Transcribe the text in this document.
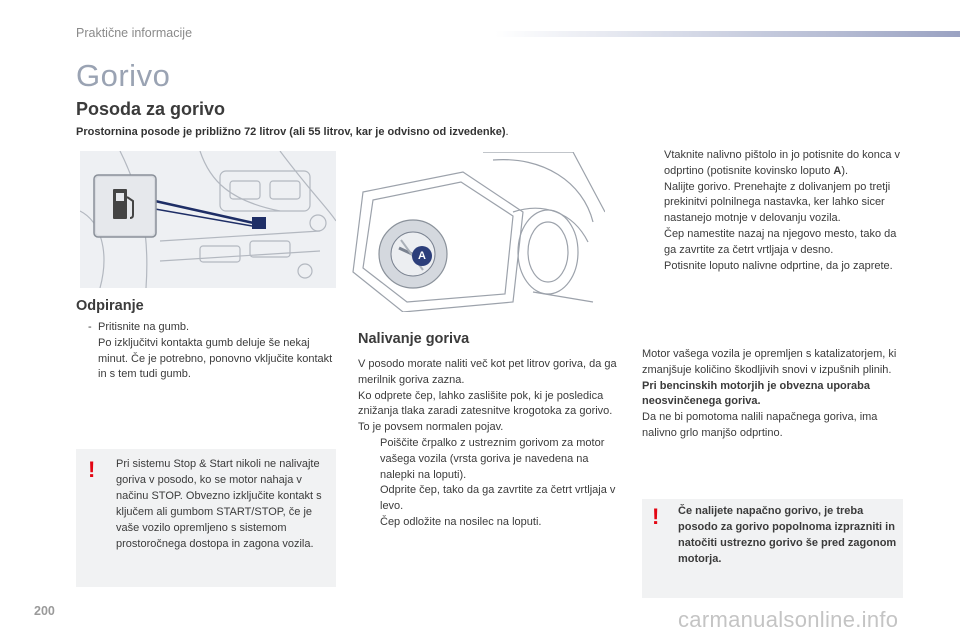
Praktične informacije
Gorivo
Posoda za gorivo
Prostornina posode je približno 72 litrov (ali 55 litrov, kar je odvisno od izvedenke).
A
Odpiranje
- Pritisnite na gumb.

Po izključitvi kontakta gumb deluje še nekaj minut. Če je potrebno, ponovno vključite kontakt in s tem tudi gumb.

! Pri sistemu Stop & Start nikoli ne nalivajte goriva v posodo, ko se motor nahaja v načinu STOP. Obvezno izključite kontakt s ključem ali gumbom START/STOP, če je vaše vozilo opremljeno s sistemom prostoročnega dostopa in zagona vozila.
Nalivanje goriva

V posodo morate naliti več kot pet litrov goriva, da ga merilnik goriva zazna.

Ko odprete čep, lahko zaslišite pok, ki je posledica znižanja tlaka zaradi zatesnitve krogotoka za gorivo. To je povsem normalen pojav.

Poiščite črpalko z ustreznim gorivom za motor vašega vozila (vrsta goriva je navedena na nalepki na loputi).

Odprite čep, tako da ga zavrtite za četrt vrtljaja v levo.

Čep odložite na nosilec na loputi.

Vtaknite nalivno pištolo in jo potisnite do konca v odprtino (potisnite kovinsko loputo A).

Nalijte gorivo. Prenehajte z dolivanjem po tretji prekinitvi polnilnega nastavka, ker lahko sicer nastanejo motnje v delovanju vozila.

Čep namestite nazaj na njegovo mesto, tako da ga zavrtite za četrt vrtljaja v desno.

Potisnite loputo nalivne odprtine, da jo zaprete.

Motor vašega vozila je opremljen s katalizatorjem, ki zmanjšuje količino škodljivih snovi v izpušnih plinih.

Pri bencinskih motorjih je obvezna uporaba neosvinčenega goriva.

Da ne bi pomotoma nalili napačnega goriva, ima nalivno grlo manjšo odprtino.

! Če nalijete napačno gorivo, je treba posodo za gorivo popolnoma izprazniti in natočiti ustrezno gorivo še pred zagonom motorja.
200	carmanualsonline.info
